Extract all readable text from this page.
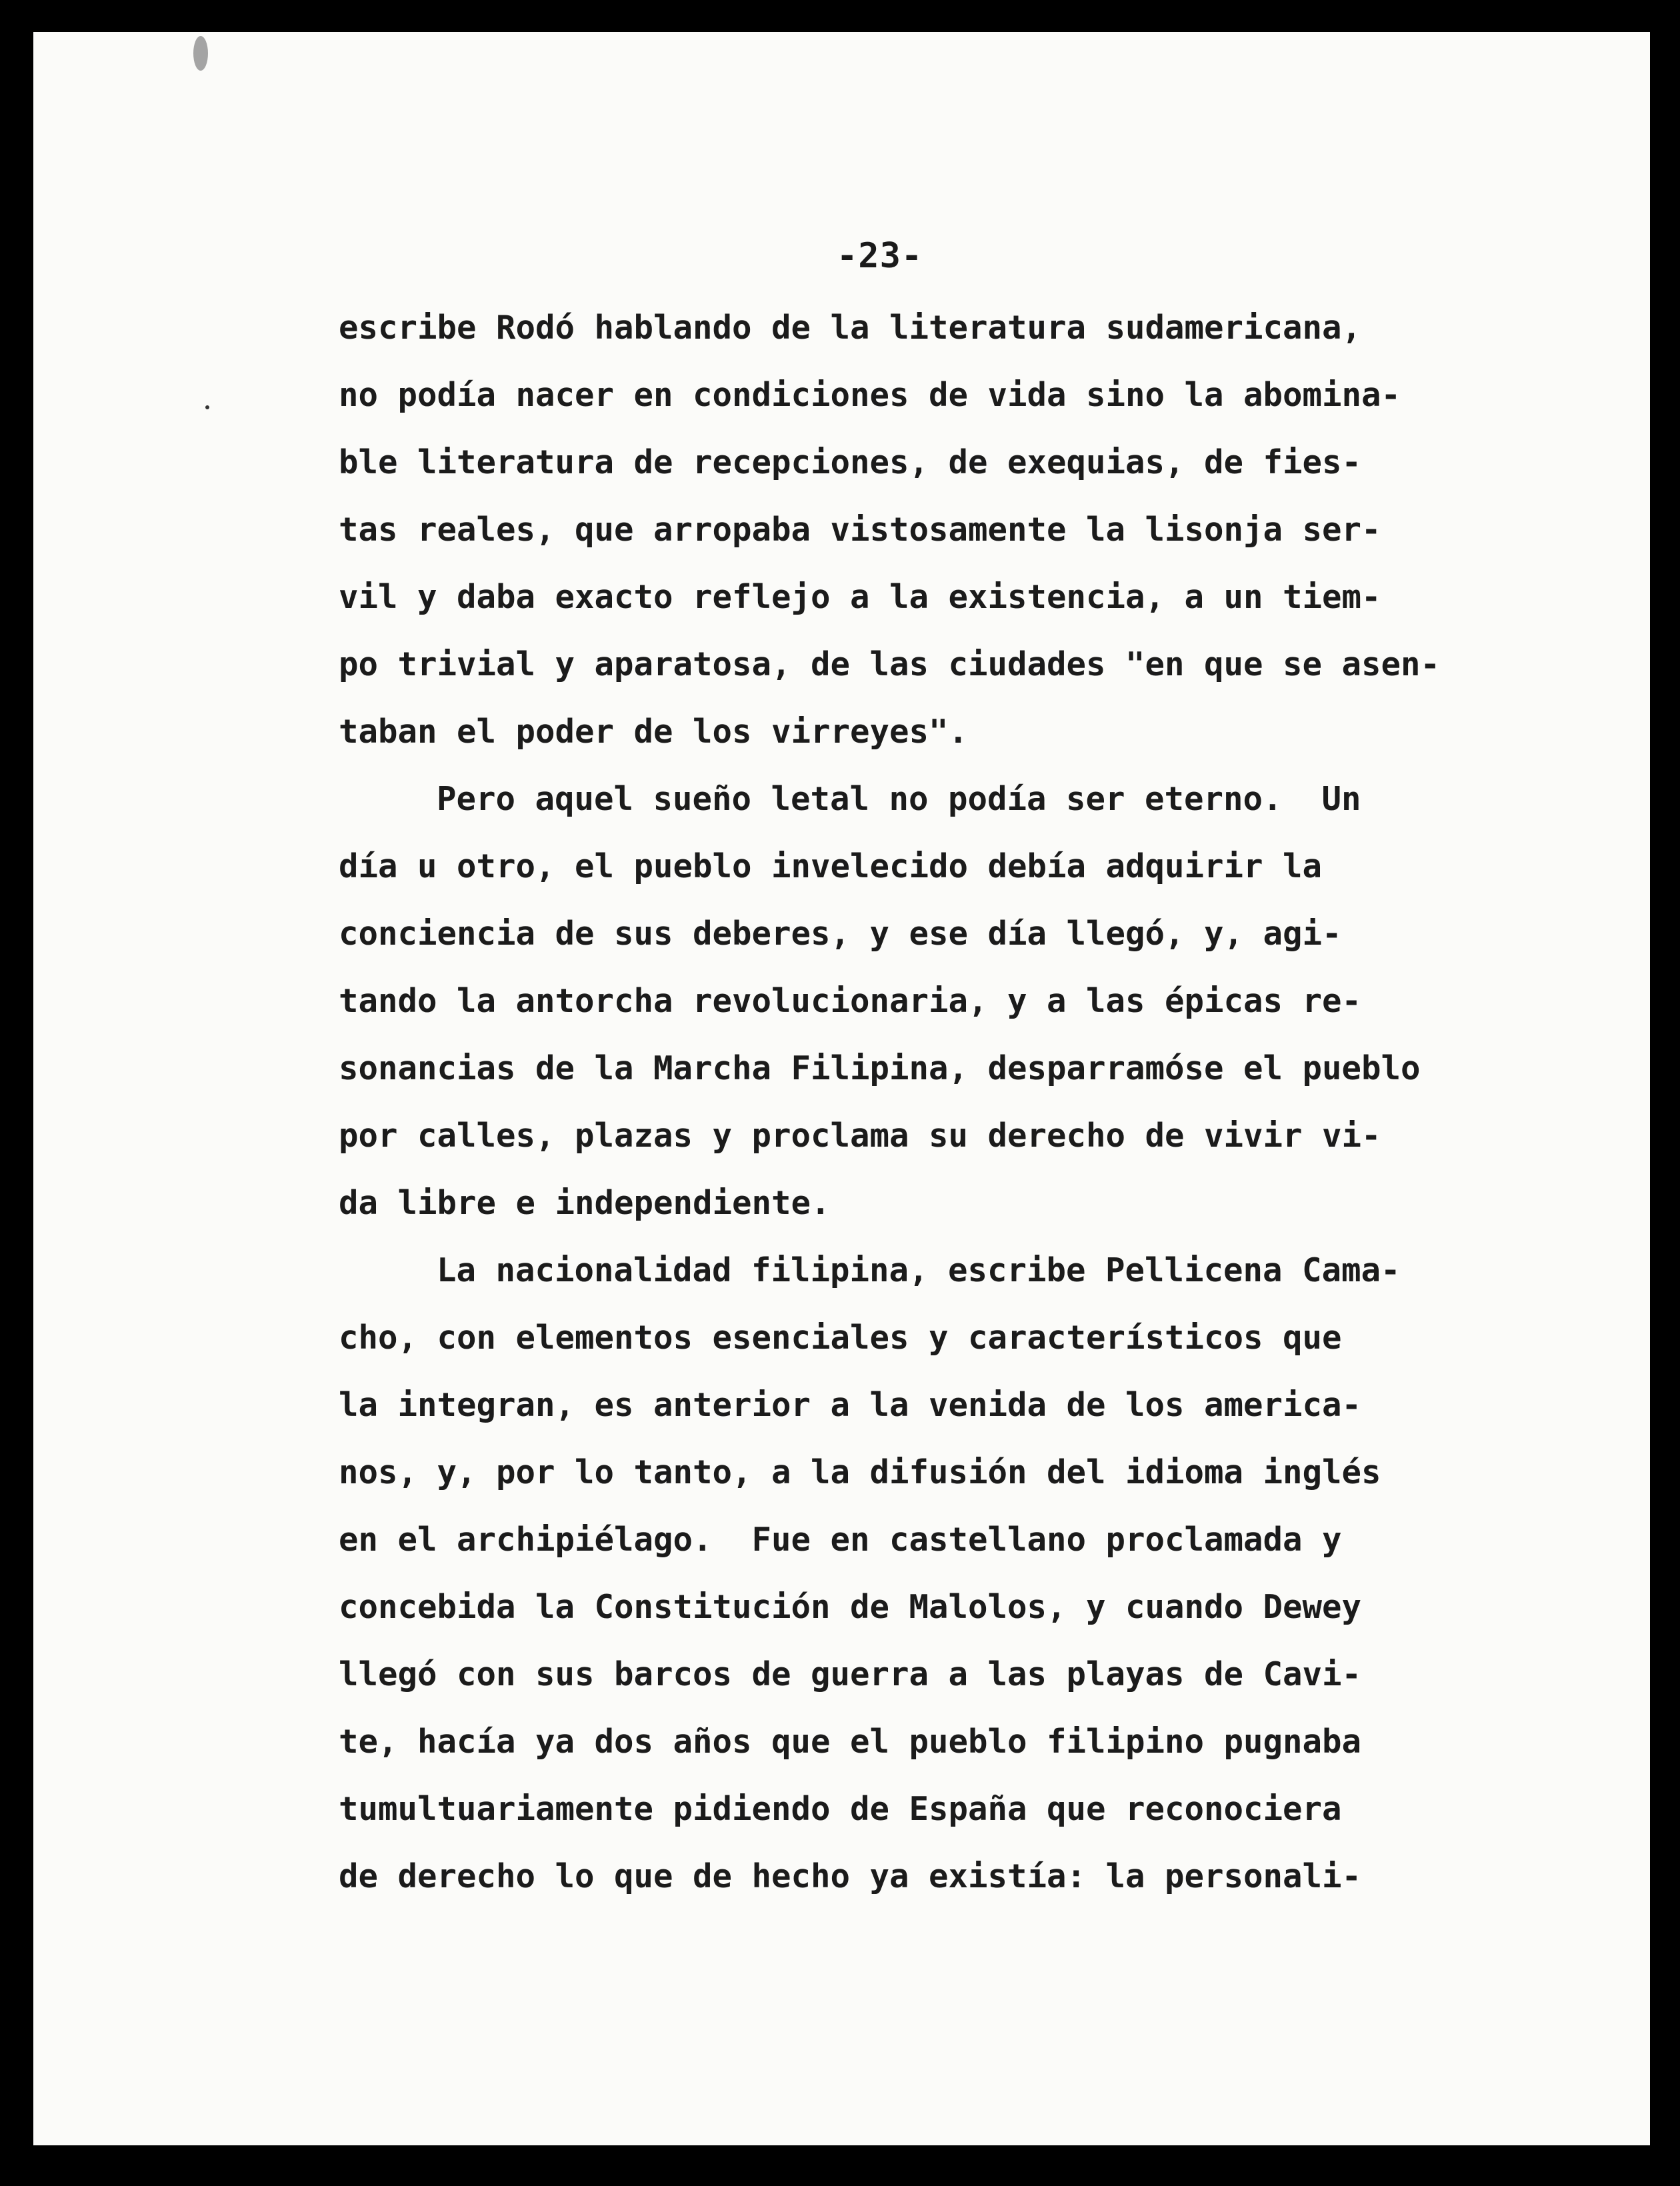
-23-
escribe Rodó hablando de la literatura sudamericana,
no podía nacer en condiciones de vida sino la abomina-
ble literatura de recepciones, de exequias, de fies-
tas reales, que arropaba vistosamente la lisonja ser-
vil y daba exacto reflejo a la existencia, a un tiem-
po trivial y aparatosa, de las ciudades "en que se asen-
taban el poder de los virreyes".
Pero aquel sueño letal no podía ser eterno.  Un
día u otro, el pueblo invelecido debía adquirir la
conciencia de sus deberes, y ese día llegó, y, agi-
tando la antorcha revolucionaria, y a las épicas re-
sonancias de la Marcha Filipina, desparramóse el pueblo
por calles, plazas y proclama su derecho de vivir vi-
da libre e independiente.
La nacionalidad filipina, escribe Pellicena Cama-
cho, con elementos esenciales y característicos que
la integran, es anterior a la venida de los america-
nos, y, por lo tanto, a la difusión del idioma inglés
en el archipiélago.  Fue en castellano proclamada y
concebida la Constitución de Malolos, y cuando Dewey
llegó con sus barcos de guerra a las playas de Cavi-
te, hacía ya dos años que el pueblo filipino pugnaba
tumultuariamente pidiendo de España que reconociera
de derecho lo que de hecho ya existía: la personali-
